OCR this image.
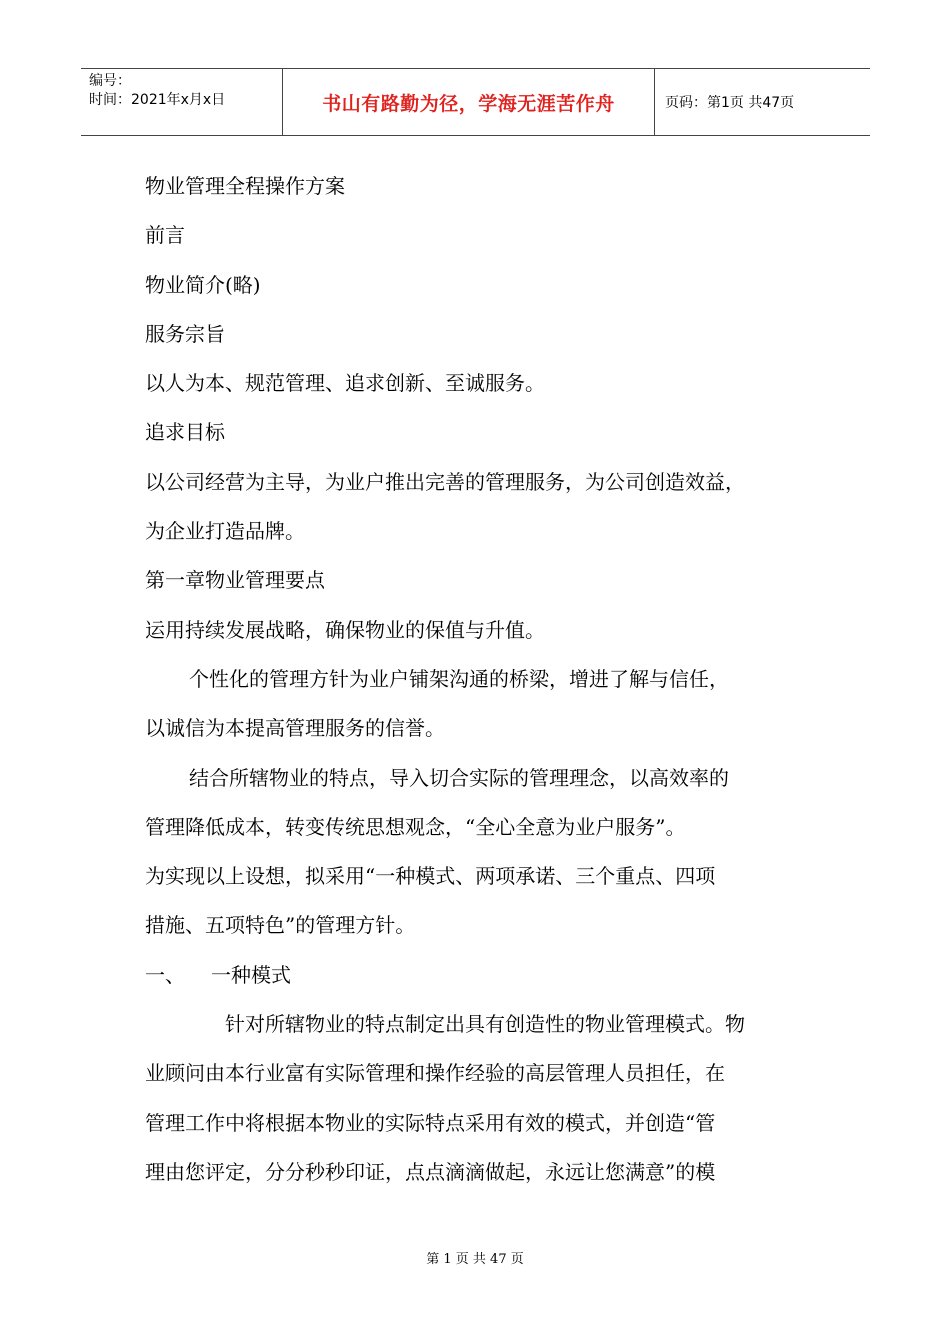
编号：
时间：2021年x月x日	书山有路勤为径，学海无涯苦作舟	页码：第1页 共47页
物业管理全程操作方案
前言
物业简介(略)
服务宗旨
以人为本、规范管理、追求创新、至诚服务。
追求目标
以公司经营为主导，为业户推出完善的管理服务，为公司创造效益，
为企业打造品牌。
第一章物业管理要点
运用持续发展战略，确保物业的保值与升值。
个性化的管理方针为业户铺架沟通的桥梁，增进了解与信任，
以诚信为本提高管理服务的信誉。
结合所辖物业的特点，导入切合实际的管理理念，以高效率的
管理降低成本，转变传统思想观念，“全心全意为业户服务”。
为实现以上设想，拟采用“一种模式、两项承诺、三个重点、四项
措施、五项特色”的管理方针。
一、 一种模式
针对所辖物业的特点制定出具有创造性的物业管理模式。物
业顾问由本行业富有实际管理和操作经验的高层管理人员担任，在
管理工作中将根据本物业的实际特点采用有效的模式，并创造“管
理由您评定，分分秒秒印证，点点滴滴做起，永远让您满意”的模
第 1 页 共 47 页
